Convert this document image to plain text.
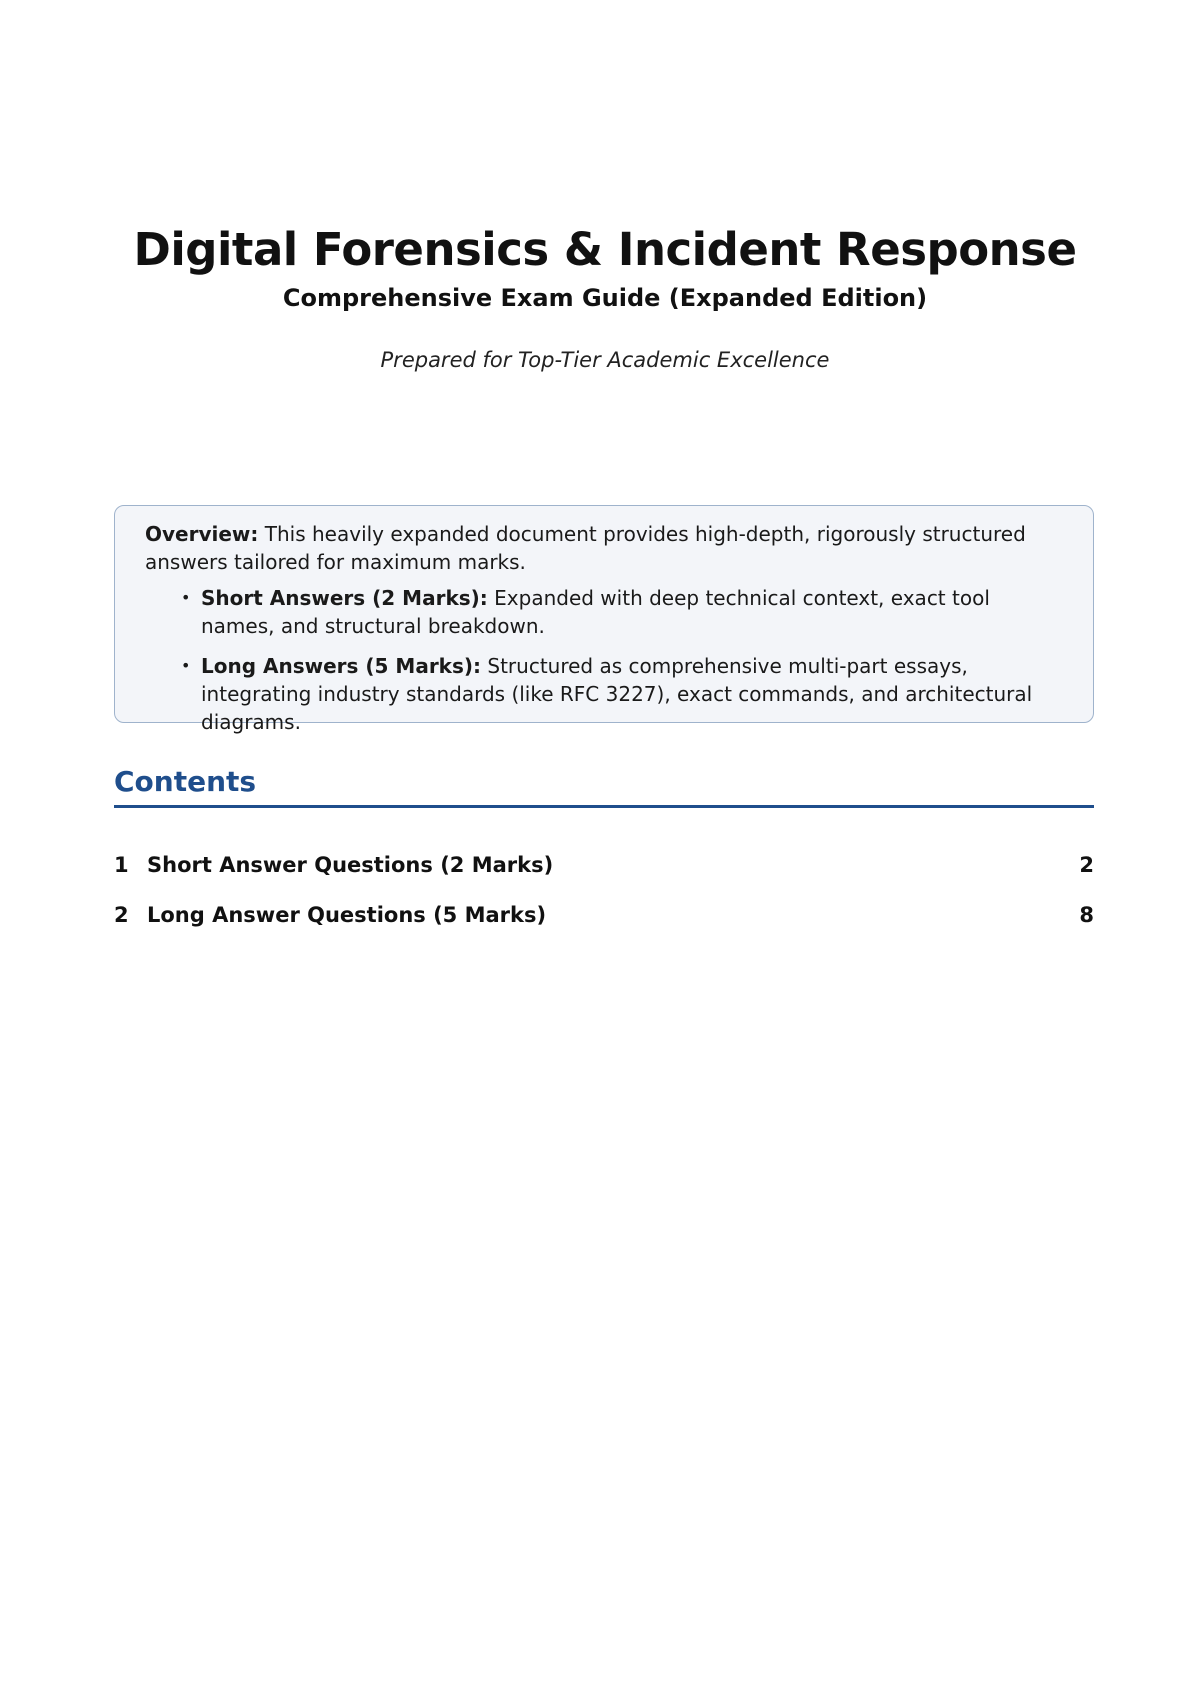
Digital Forensics & Incident Response
Comprehensive Exam Guide (Expanded Edition)
Prepared for Top-Tier Academic Excellence
Overview: This heavily expanded document provides high-depth, rigorously structured answers tailored for maximum marks.
• Short Answers (2 Marks): Expanded with deep technical context, exact tool names, and structural breakdown.
• Long Answers (5 Marks): Structured as comprehensive multi-part essays, integrating industry standards (like RFC 3227), exact commands, and architectural diagrams.
Contents
1 Short Answer Questions (2 Marks)	2
2 Long Answer Questions (5 Marks)	8
